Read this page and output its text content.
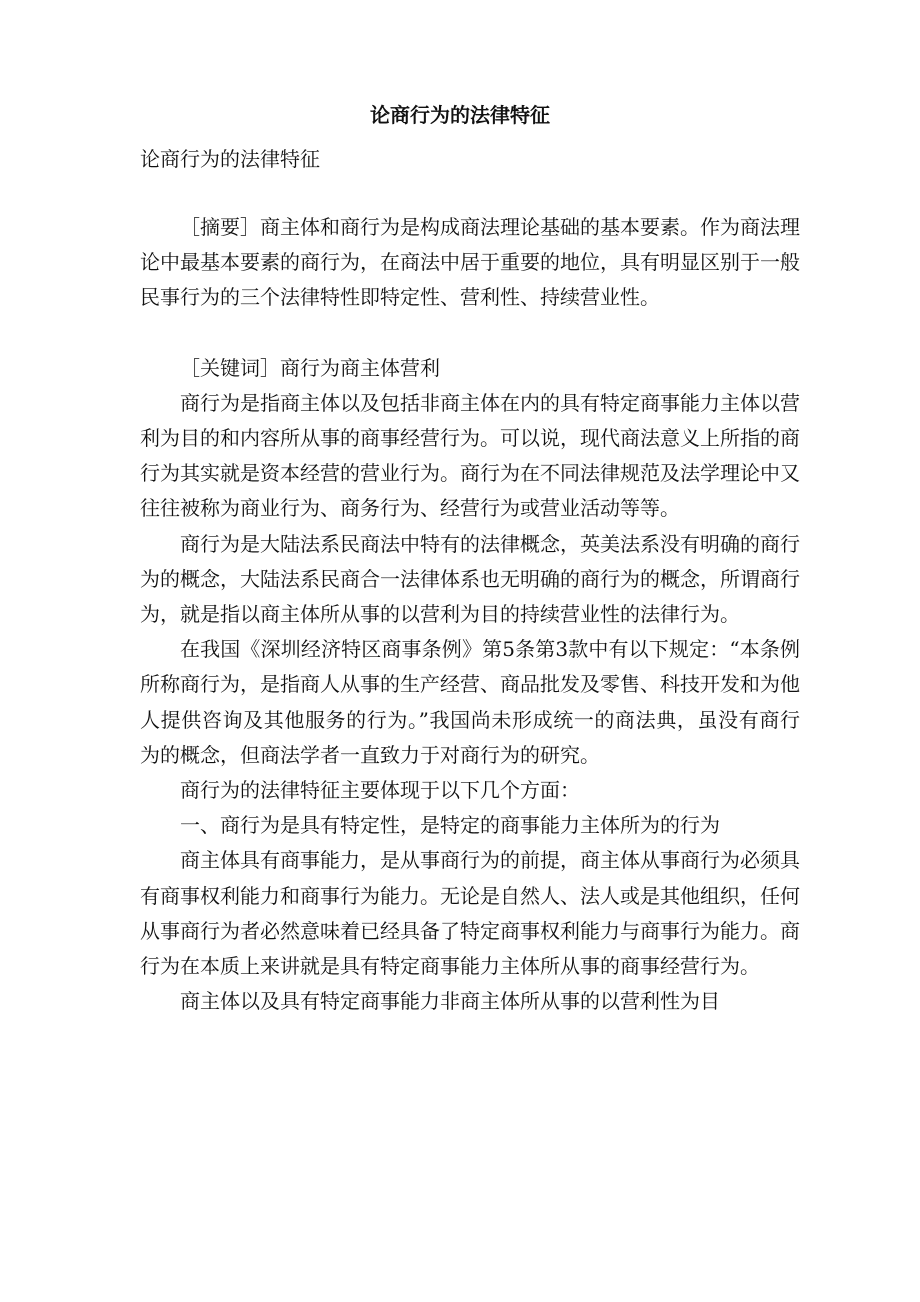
论商行为的法律特征
论商行为的法律特征

［摘要］商主体和商行为是构成商法理论基础的基本要素。作为商法理论中最基本要素的商行为，在商法中居于重要的地位，具有明显区别于一般民事行为的三个法律特性即特定性、营利性、持续营业性。

［关键词］商行为商主体营利

商行为是指商主体以及包括非商主体在内的具有特定商事能力主体以营利为目的和内容所从事的商事经营行为。可以说，现代商法意义上所指的商行为其实就是资本经营的营业行为。商行为在不同法律规范及法学理论中又往往被称为商业行为、商务行为、经营行为或营业活动等等。

商行为是大陆法系民商法中特有的法律概念，英美法系没有明确的商行为的概念，大陆法系民商合一法律体系也无明确的商行为的概念，所谓商行为，就是指以商主体所从事的以营利为目的持续营业性的法律行为。

在我国《深圳经济特区商事条例》第5条第3款中有以下规定：“本条例所称商行为，是指商人从事的生产经营、商品批发及零售、科技开发和为他人提供咨询及其他服务的行为。”我国尚未形成统一的商法典，虽没有商行为的概念，但商法学者一直致力于对商行为的研究。

商行为的法律特征主要体现于以下几个方面：

一、商行为是具有特定性，是特定的商事能力主体所为的行为

商主体具有商事能力，是从事商行为的前提，商主体从事商行为必须具有商事权利能力和商事行为能力。无论是自然人、法人或是其他组织，任何从事商行为者必然意味着已经具备了特定商事权利能力与商事行为能力。商行为在本质上来讲就是具有特定商事能力主体所从事的商事经营行为。

商主体以及具有特定商事能力非商主体所从事的以营利性为目
